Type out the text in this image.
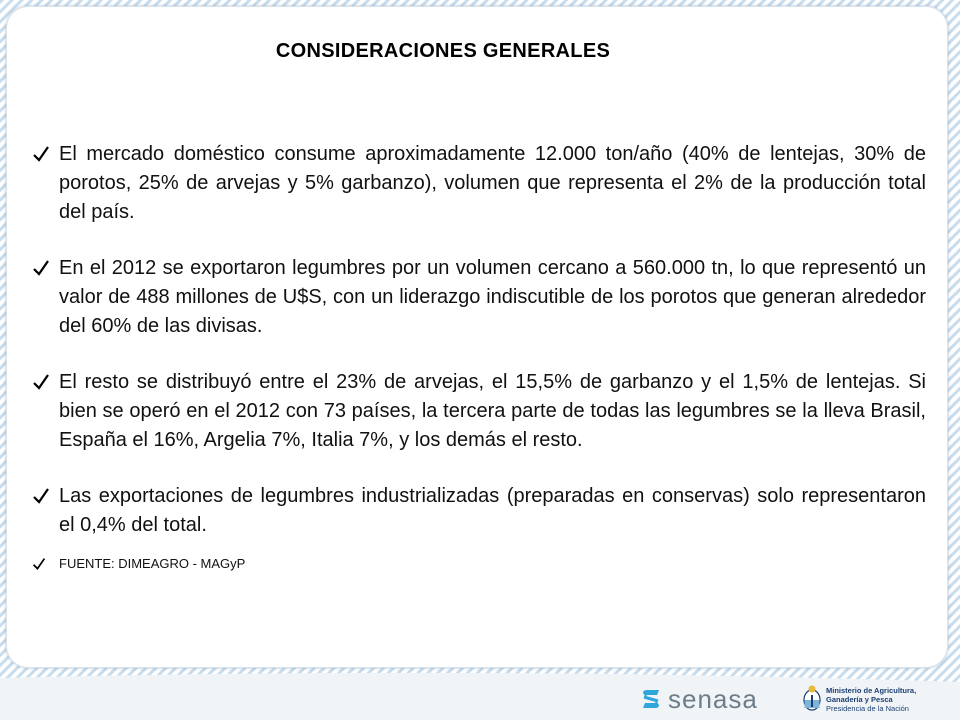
CONSIDERACIONES GENERALES
El mercado doméstico consume aproximadamente 12.000 ton/año (40% de lentejas, 30% de porotos, 25% de arvejas y 5% garbanzo), volumen que representa el 2% de la producción total del país.
En el 2012 se exportaron legumbres por un volumen cercano a 560.000 tn, lo que representó un valor de 488 millones de U$S, con un liderazgo indiscutible de los porotos que generan alrededor del 60% de las divisas.
El resto se distribuyó entre el 23% de arvejas, el 15,5% de garbanzo y el 1,5% de lentejas. Si bien se operó en el 2012 con 73 países, la tercera parte de todas las legumbres se la lleva Brasil, España el 16%, Argelia 7%, Italia 7%, y los demás el resto.
Las exportaciones de legumbres industrializadas (preparadas en conservas) solo representaron el 0,4% del total.
FUENTE: DIMEAGRO - MAGyP
senasa	Ministerio de Agricultura,
Ganadería y Pesca
Presidencia de la Nación
